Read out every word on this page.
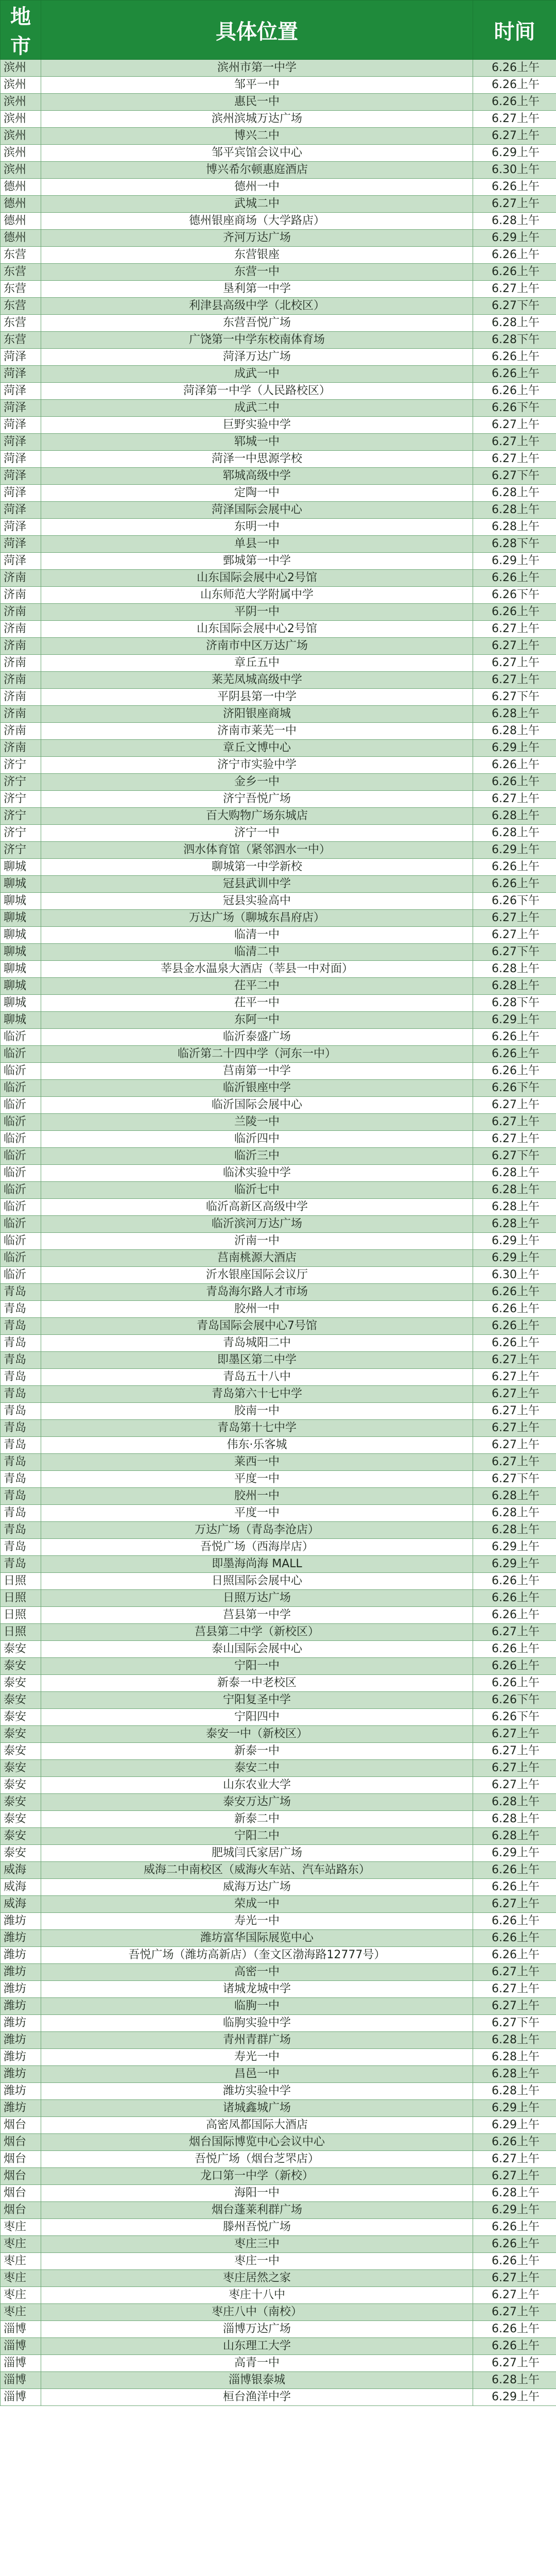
地市	具体位置	时间
滨州	滨州市第一中学	6.26上午
滨州	邹平一中	6.26上午
滨州	惠民一中	6.26上午
滨州	滨州滨城万达广场	6.27上午
滨州	博兴二中	6.27上午
滨州	邹平宾馆会议中心	6.29上午
滨州	博兴希尔顿惠庭酒店	6.30上午
德州	德州一中	6.26上午
德州	武城二中	6.27上午
德州	德州银座商场（大学路店）	6.28上午
德州	齐河万达广场	6.29上午
东营	东营银座	6.26上午
东营	东营一中	6.26上午
东营	垦利第一中学	6.27上午
东营	利津县高级中学（北校区）	6.27下午
东营	东营吾悦广场	6.28上午
东营	广饶第一中学东校南体育场	6.28下午
菏泽	菏泽万达广场	6.26上午
菏泽	成武一中	6.26上午
菏泽	菏泽第一中学（人民路校区）	6.26上午
菏泽	成武二中	6.26下午
菏泽	巨野实验中学	6.27上午
菏泽	郓城一中	6.27上午
菏泽	菏泽一中思源学校	6.27上午
菏泽	郓城高级中学	6.27下午
菏泽	定陶一中	6.28上午
菏泽	菏泽国际会展中心	6.28上午
菏泽	东明一中	6.28上午
菏泽	单县一中	6.28下午
菏泽	鄄城第一中学	6.29上午
济南	山东国际会展中心2号馆	6.26上午
济南	山东师范大学附属中学	6.26下午
济南	平阴一中	6.26上午
济南	山东国际会展中心2号馆	6.27上午
济南	济南市中区万达广场	6.27上午
济南	章丘五中	6.27上午
济南	莱芜凤城高级中学	6.27上午
济南	平阴县第一中学	6.27下午
济南	济阳银座商城	6.28上午
济南	济南市莱芜一中	6.28上午
济南	章丘文博中心	6.29上午
济宁	济宁市实验中学	6.26上午
济宁	金乡一中	6.26上午
济宁	济宁吾悦广场	6.27上午
济宁	百大购物广场东城店	6.28上午
济宁	济宁一中	6.28上午
济宁	泗水体育馆（紧邻泗水一中）	6.29上午
聊城	聊城第一中学新校	6.26上午
聊城	冠县武训中学	6.26上午
聊城	冠县实验高中	6.26下午
聊城	万达广场（聊城东昌府店）	6.27上午
聊城	临清一中	6.27上午
聊城	临清二中	6.27下午
聊城	莘县金水温泉大酒店（莘县一中对面）	6.28上午
聊城	茌平二中	6.28上午
聊城	茌平一中	6.28下午
聊城	东阿一中	6.29上午
临沂	临沂泰盛广场	6.26上午
临沂	临沂第二十四中学（河东一中）	6.26上午
临沂	莒南第一中学	6.26上午
临沂	临沂银座中学	6.26下午
临沂	临沂国际会展中心	6.27上午
临沂	兰陵一中	6.27上午
临沂	临沂四中	6.27上午
临沂	临沂三中	6.27下午
临沂	临沭实验中学	6.28上午
临沂	临沂七中	6.28上午
临沂	临沂高新区高级中学	6.28上午
临沂	临沂滨河万达广场	6.28上午
临沂	沂南一中	6.29上午
临沂	莒南桃源大酒店	6.29上午
临沂	沂水银座国际会议厅	6.30上午
青岛	青岛海尔路人才市场	6.26上午
青岛	胶州一中	6.26上午
青岛	青岛国际会展中心7号馆	6.26上午
青岛	青岛城阳二中	6.26上午
青岛	即墨区第二中学	6.27上午
青岛	青岛五十八中	6.27上午
青岛	青岛第六十七中学	6.27上午
青岛	胶南一中	6.27上午
青岛	青岛第十七中学	6.27上午
青岛	伟东·乐客城	6.27上午
青岛	莱西一中	6.27上午
青岛	平度一中	6.27下午
青岛	胶州一中	6.28上午
青岛	平度一中	6.28上午
青岛	万达广场（青岛李沧店）	6.28上午
青岛	吾悦广场（西海岸店）	6.29上午
青岛	即墨海尚海 MALL	6.29上午
日照	日照国际会展中心	6.26上午
日照	日照万达广场	6.26上午
日照	莒县第一中学	6.26上午
日照	莒县第二中学（新校区）	6.27上午
泰安	泰山国际会展中心	6.26上午
泰安	宁阳一中	6.26上午
泰安	新泰一中老校区	6.26上午
泰安	宁阳复圣中学	6.26下午
泰安	宁阳四中	6.26下午
泰安	泰安一中（新校区）	6.27上午
泰安	新泰一中	6.27上午
泰安	泰安二中	6.27上午
泰安	山东农业大学	6.27上午
泰安	泰安万达广场	6.28上午
泰安	新泰二中	6.28上午
泰安	宁阳二中	6.28上午
泰安	肥城闫氏家居广场	6.29上午
威海	威海二中南校区（威海火车站、汽车站路东）	6.26上午
威海	威海万达广场	6.26上午
威海	荣成一中	6.27上午
潍坊	寿光一中	6.26上午
潍坊	潍坊富华国际展览中心	6.26上午
潍坊	吾悦广场（潍坊高新店）（奎文区渤海路12777号）	6.26上午
潍坊	高密一中	6.27上午
潍坊	诸城龙城中学	6.27上午
潍坊	临朐一中	6.27上午
潍坊	临朐实验中学	6.27下午
潍坊	青州青群广场	6.28上午
潍坊	寿光一中	6.28上午
潍坊	昌邑一中	6.28上午
潍坊	潍坊实验中学	6.28上午
潍坊	诸城鑫城广场	6.29上午
烟台	高密凤都国际大酒店	6.29上午
烟台	烟台国际博览中心会议中心	6.26上午
烟台	吾悦广场（烟台芝罘店）	6.27上午
烟台	龙口第一中学（新校）	6.27上午
烟台	海阳一中	6.28上午
烟台	烟台蓬莱利群广场	6.29上午
枣庄	滕州吾悦广场	6.26上午
枣庄	枣庄三中	6.26上午
枣庄	枣庄一中	6.26上午
枣庄	枣庄居然之家	6.27上午
枣庄	枣庄十八中	6.27上午
枣庄	枣庄八中（南校）	6.27上午
淄博	淄博万达广场	6.26上午
淄博	山东理工大学	6.26上午
淄博	高青一中	6.27上午
淄博	淄博银泰城	6.28上午
淄博	桓台渔洋中学	6.29上午
